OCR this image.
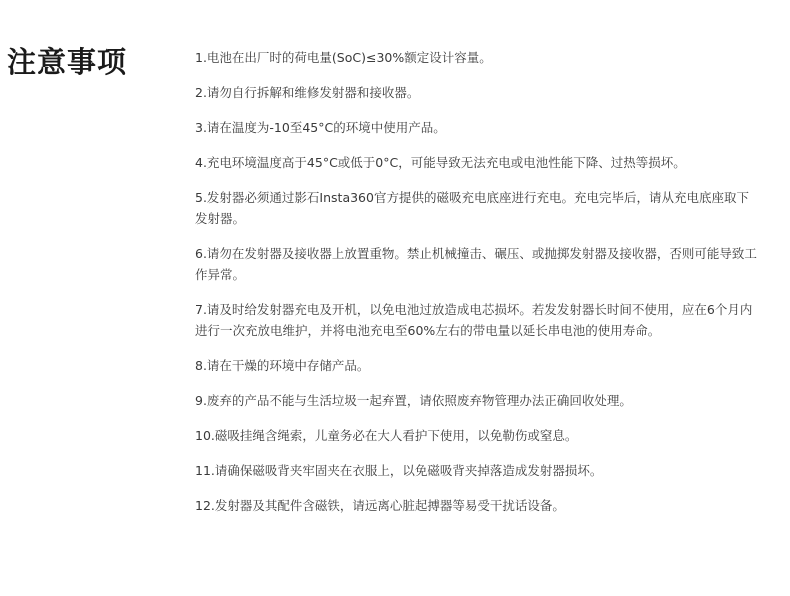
注意事项	1.电池在出厂时的荷电量(SoC)≤30%额定设计容量。
2.请勿自行拆解和维修发射器和接收器。
3.请在温度为-10至45°C的环境中使用产品。
4.充电环境温度高于45°C或低于0°C，可能导致无法充电或电池性能下降、过热等损坏。
5.发射器必须通过影石Insta360官方提供的磁吸充电底座进行充电。充电完毕后，请从充电底座取下发射器。
6.请勿在发射器及接收器上放置重物。禁止机械撞击、碾压、或抛掷发射器及接收器，否则可能导致工作异常。
7.请及时给发射器充电及开机，以免电池过放造成电芯损坏。若发发射器长时间不使用，应在6个月内进行一次充放电维护，并将电池充电至60%左右的带电量以延长串电池的使用寿命。
8.请在干燥的环境中存储产品。
9.废弃的产品不能与生活垃圾一起弃置，请依照废弃物管理办法正确回收处理。
10.磁吸挂绳含绳索，儿童务必在大人看护下使用，以免勒伤或窒息。
11.请确保磁吸背夹牢固夹在衣服上，以免磁吸背夹掉落造成发射器损坏。
12.发射器及其配件含磁铁，请远离心脏起搏器等易受干扰话设备。
